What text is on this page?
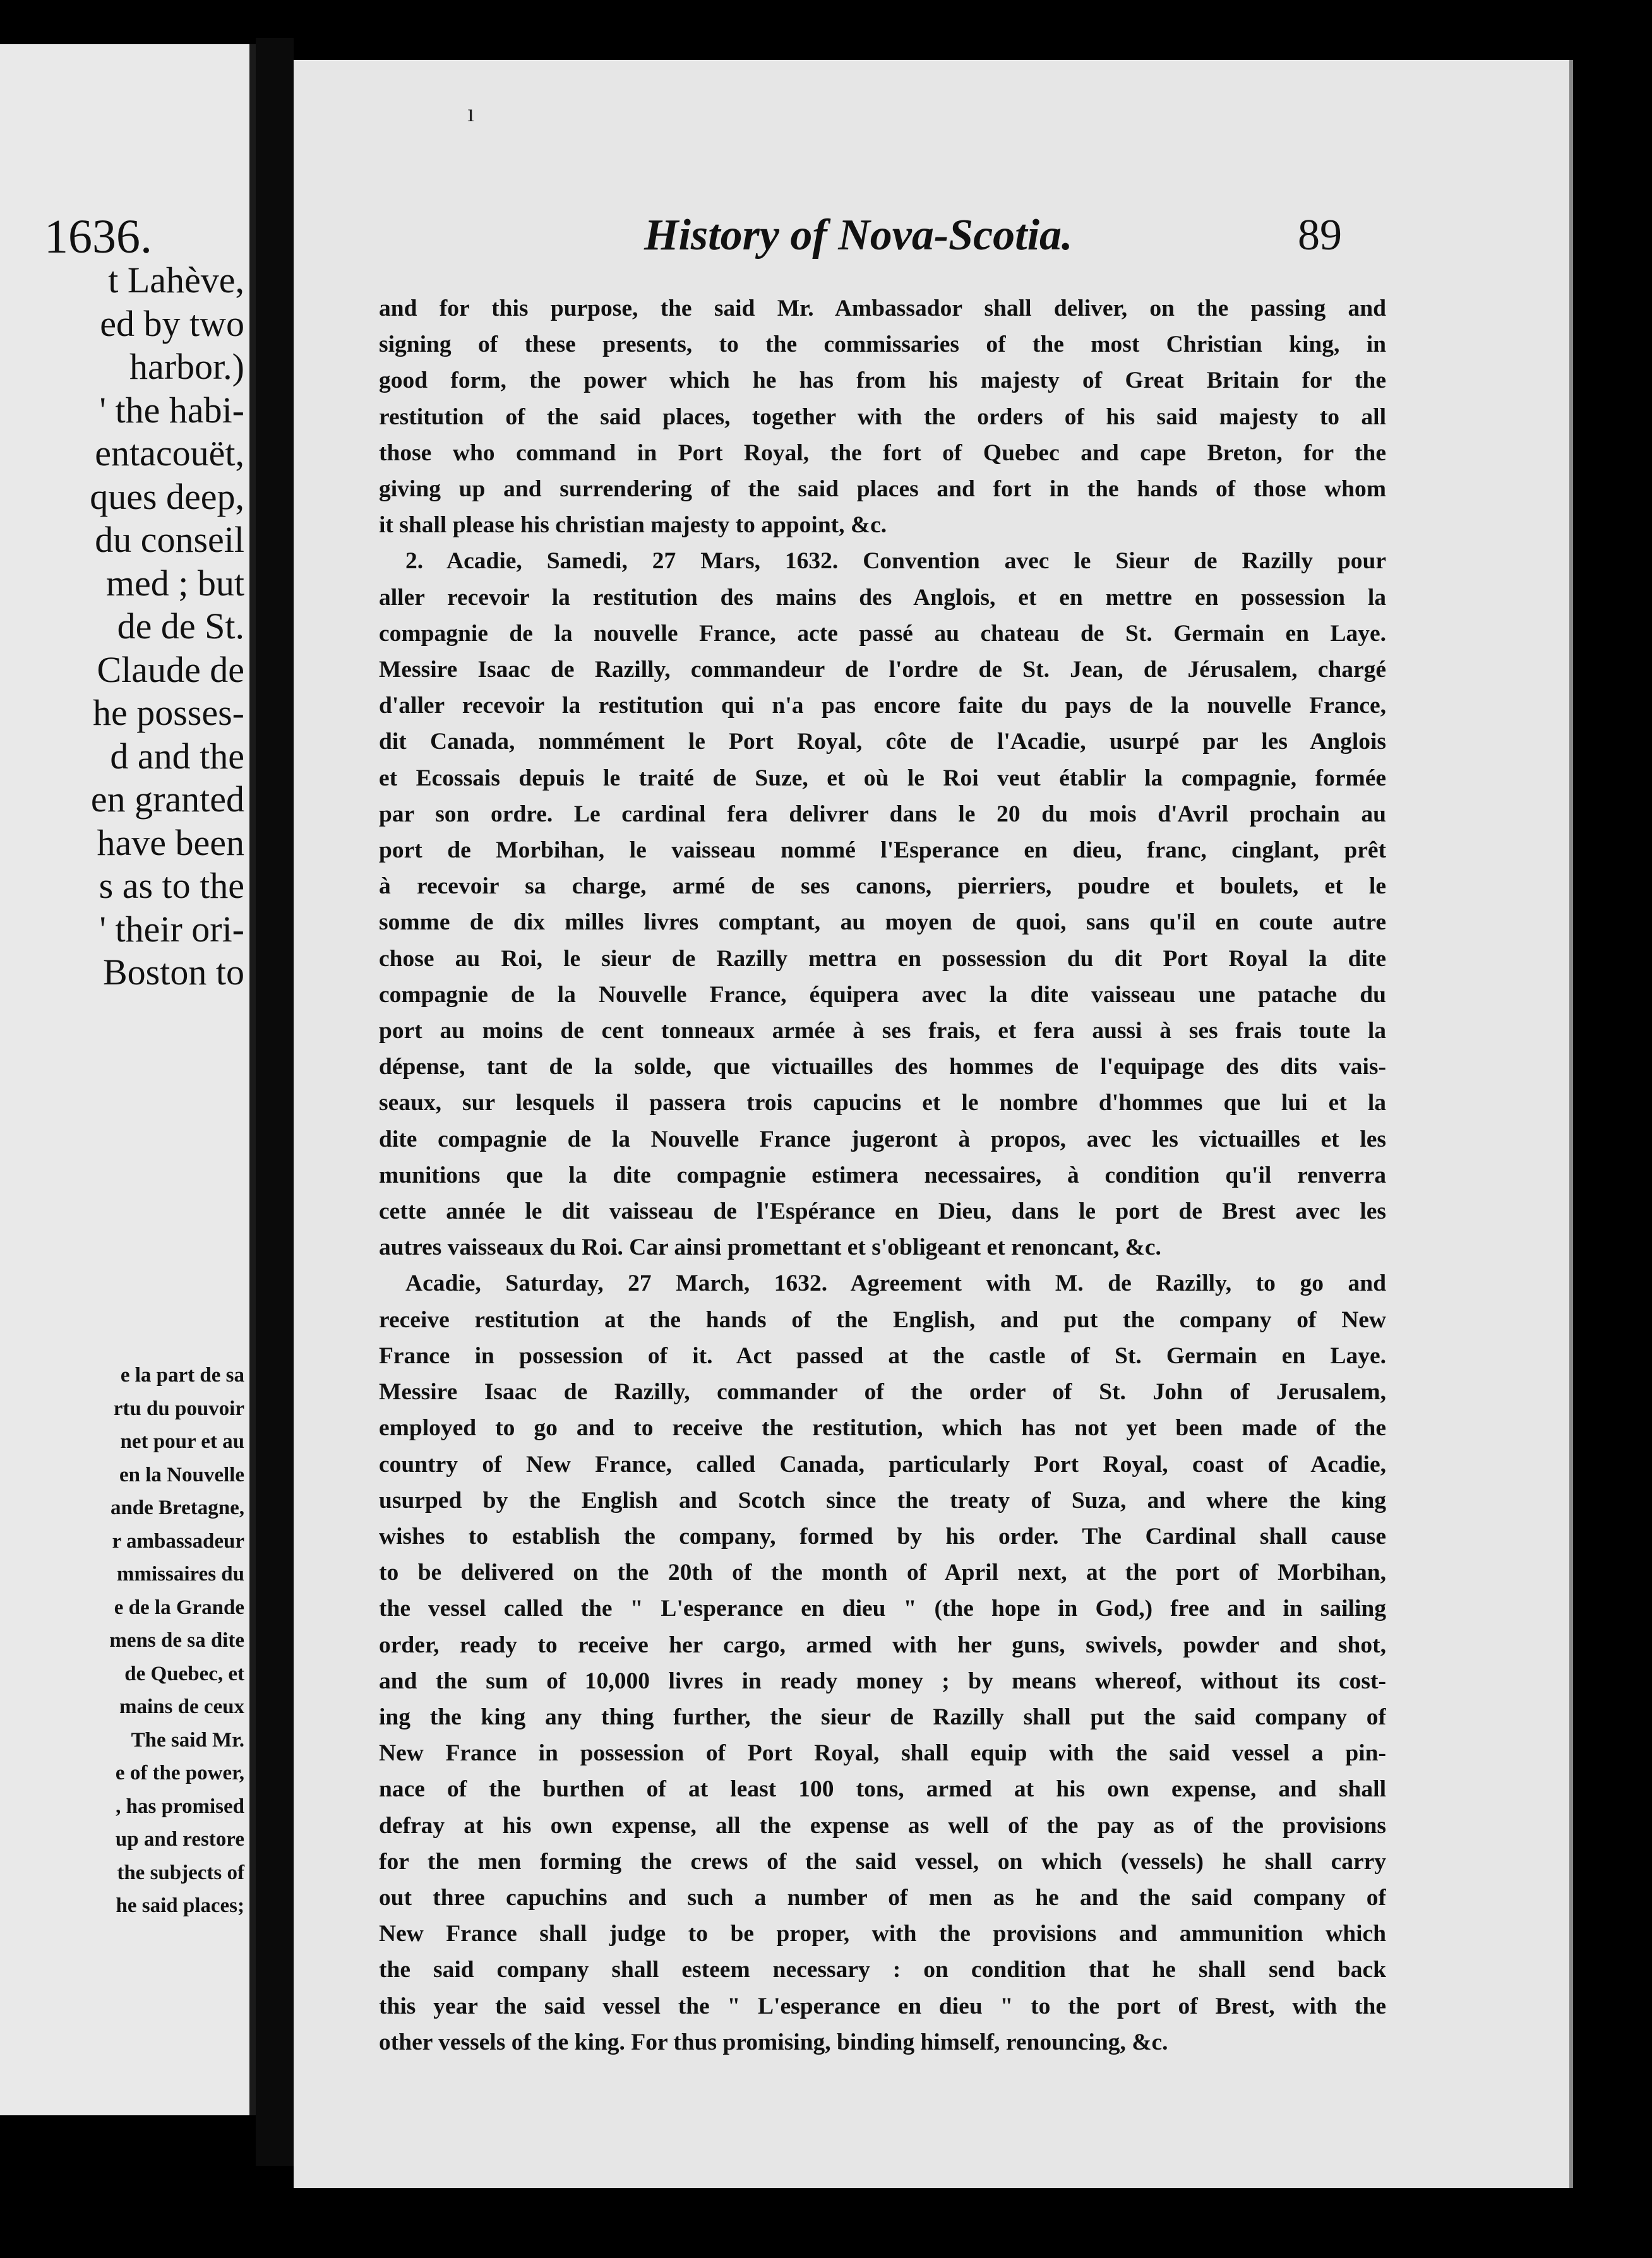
1636.
t Lahève,
ed by two
harbor.)
' the habi-
entacouët,
ques deep,
du conseil
med ; but
de de St.
Claude de
he posses-
d and the
en granted
have been
s as to the
' their ori-
Boston to
e la part de sa
rtu du pouvoir
net pour et au
en la Nouvelle
ande Bretagne,
r ambassadeur
mmissaires du
e de la Grande
mens de sa dite
de Quebec, et
mains de ceux
The said Mr.
e of the power,
, has promised
up and restore
the subjects of
he said places;
ı
History of Nova-Scotia.	89
and for this purpose, the said Mr. Ambassador shall deliver, on the passing and
signing of these presents, to the commissaries of the most Christian king, in
good form, the power which he has from his majesty of Great Britain for the
restitution of the said places, together with the orders of his said majesty to all
those who command in Port Royal, the fort of Quebec and cape Breton, for the
giving up and surrendering of the said places and fort in the hands of those whom
it shall please his christian majesty to appoint, &c.
2. Acadie, Samedi, 27 Mars, 1632. Convention avec le Sieur de Razilly pour
aller recevoir la restitution des mains des Anglois, et en mettre en possession la
compagnie de la nouvelle France, acte passé au chateau de St. Germain en Laye.
Messire Isaac de Razilly, commandeur de l'ordre de St. Jean, de Jérusalem, chargé
d'aller recevoir la restitution qui n'a pas encore faite du pays de la nouvelle France,
dit Canada, nommément le Port Royal, côte de l'Acadie, usurpé par les Anglois
et Ecossais depuis le traité de Suze, et où le Roi veut établir la compagnie, formée
par son ordre. Le cardinal fera delivrer dans le 20 du mois d'Avril prochain au
port de Morbihan, le vaisseau nommé l'Esperance en dieu, franc, cinglant, prêt
à recevoir sa charge, armé de ses canons, pierriers, poudre et boulets, et le
somme de dix milles livres comptant, au moyen de quoi, sans qu'il en coute autre
chose au Roi, le sieur de Razilly mettra en possession du dit Port Royal la dite
compagnie de la Nouvelle France, équipera avec la dite vaisseau une patache du
port au moins de cent tonneaux armée à ses frais, et fera aussi à ses frais toute la
dépense, tant de la solde, que victuailles des hommes de l'equipage des dits vais-
seaux, sur lesquels il passera trois capucins et le nombre d'hommes que lui et la
dite compagnie de la Nouvelle France jugeront à propos, avec les victuailles et les
munitions que la dite compagnie estimera necessaires, à condition qu'il renverra
cette année le dit vaisseau de l'Espérance en Dieu, dans le port de Brest avec les
autres vaisseaux du Roi. Car ainsi promettant et s'obligeant et renoncant, &c.
Acadie, Saturday, 27 March, 1632. Agreement with M. de Razilly, to go and
receive restitution at the hands of the English, and put the company of New
France in possession of it. Act passed at the castle of St. Germain en Laye.
Messire Isaac de Razilly, commander of the order of St. John of Jerusalem,
employed to go and to receive the restitution, which has not yet been made of the
country of New France, called Canada, particularly Port Royal, coast of Acadie,
usurped by the English and Scotch since the treaty of Suza, and where the king
wishes to establish the company, formed by his order. The Cardinal shall cause
to be delivered on the 20th of the month of April next, at the port of Morbihan,
the vessel called the " L'esperance en dieu " (the hope in God,) free and in sailing
order, ready to receive her cargo, armed with her guns, swivels, powder and shot,
and the sum of 10,000 livres in ready money ; by means whereof, without its cost-
ing the king any thing further, the sieur de Razilly shall put the said company of
New France in possession of Port Royal, shall equip with the said vessel a pin-
nace of the burthen of at least 100 tons, armed at his own expense, and shall
defray at his own expense, all the expense as well of the pay as of the provisions
for the men forming the crews of the said vessel, on which (vessels) he shall carry
out three capuchins and such a number of men as he and the said company of
New France shall judge to be proper, with the provisions and ammunition which
the said company shall esteem necessary : on condition that he shall send back
this year the said vessel the " L'esperance en dieu " to the port of Brest, with the
other vessels of the king. For thus promising, binding himself, renouncing, &c.
